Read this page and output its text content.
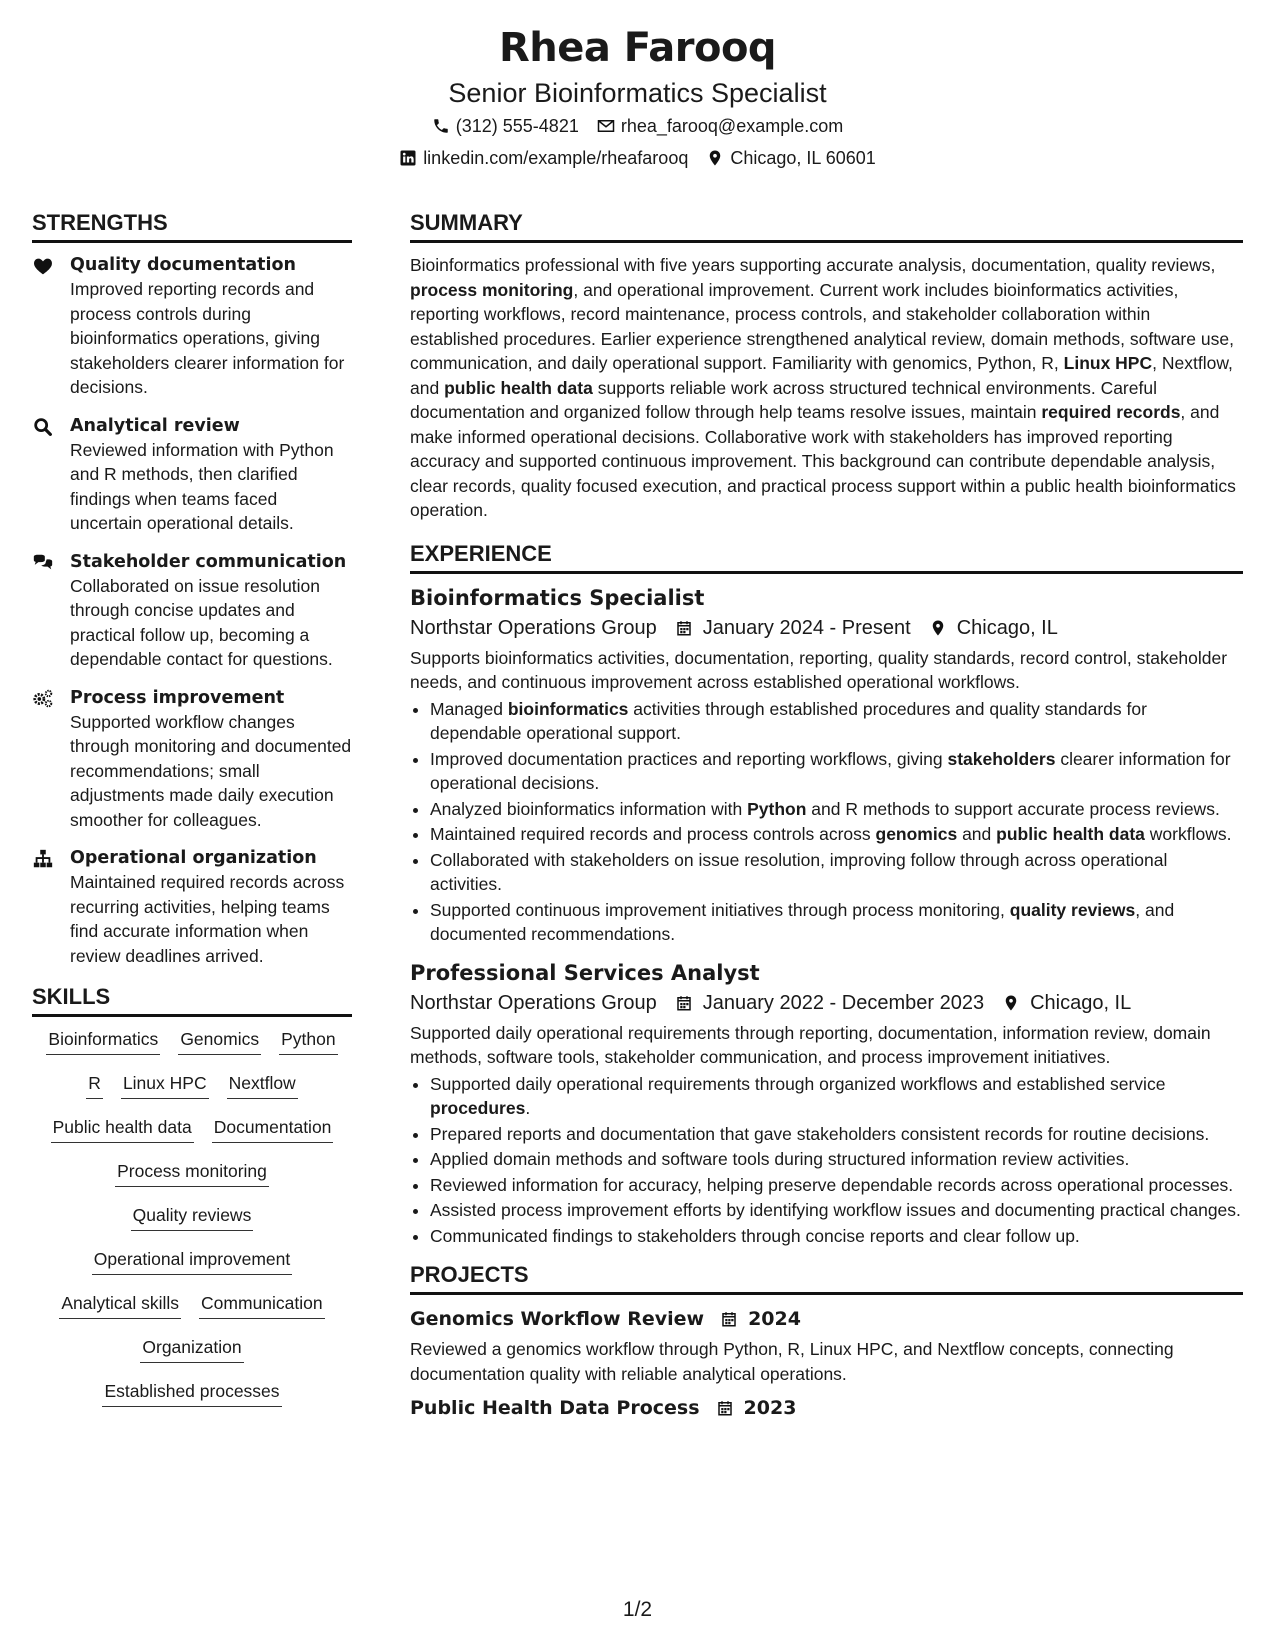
Rhea Farooq
Senior Bioinformatics Specialist
(312) 555-4821 rhea_farooq@example.com
linkedin.com/example/rheafarooq Chicago, IL 60601
STRENGTHS
Quality documentation
Improved reporting records and process controls during bioinformatics operations, giving stakeholders clearer information for decisions.
Analytical review
Reviewed information with Python and R methods, then clarified findings when teams faced uncertain operational details.
Stakeholder communication
Collaborated on issue resolution through concise updates and practical follow up, becoming a dependable contact for questions.
Process improvement
Supported workflow changes through monitoring and documented recommendations; small adjustments made daily execution smoother for colleagues.
Operational organization
Maintained required records across recurring activities, helping teams find accurate information when review deadlines arrived.
SKILLS
Bioinformatics Genomics Python
R Linux HPC Nextflow
Public health data Documentation
Process monitoring
Quality reviews
Operational improvement
Analytical skills Communication
Organization
Established processes
SUMMARY

Bioinformatics professional with five years supporting accurate analysis, documentation, quality reviews, process monitoring, and operational improvement. Current work includes bioinformatics activities, reporting workflows, record maintenance, process controls, and stakeholder collaboration within established procedures. Earlier experience strengthened analytical review, domain methods, software use, communication, and daily operational support. Familiarity with genomics, Python, R, Linux HPC, Nextflow, and public health data supports reliable work across structured technical environments. Careful documentation and organized follow through help teams resolve issues, maintain required records, and make informed operational decisions. Collaborative work with stakeholders has improved reporting accuracy and supported continuous improvement. This background can contribute dependable analysis, clear records, quality focused execution, and practical process support within a public health bioinformatics operation.

EXPERIENCE
Bioinformatics Specialist
Northstar Operations Group January 2024 - Present Chicago, IL

Supports bioinformatics activities, documentation, reporting, quality standards, record control, stakeholder needs, and continuous improvement across established operational workflows.

• Managed bioinformatics activities through established procedures and quality standards for dependable operational support.
• Improved documentation practices and reporting workflows, giving stakeholders clearer information for operational decisions.
• Analyzed bioinformatics information with Python and R methods to support accurate process reviews.
• Maintained required records and process controls across genomics and public health data workflows.
• Collaborated with stakeholders on issue resolution, improving follow through across operational activities.
• Supported continuous improvement initiatives through process monitoring, quality reviews, and documented recommendations.
Professional Services Analyst
Northstar Operations Group January 2022 - December 2023 Chicago, IL

Supported daily operational requirements through reporting, documentation, information review, domain methods, software tools, stakeholder communication, and process improvement initiatives.

• Supported daily operational requirements through organized workflows and established service procedures.
• Prepared reports and documentation that gave stakeholders consistent records for routine decisions.
• Applied domain methods and software tools during structured information review activities.
• Reviewed information for accuracy, helping preserve dependable records across operational processes.
• Assisted process improvement efforts by identifying workflow issues and documenting practical changes.
• Communicated findings to stakeholders through concise reports and clear follow up.
PROJECTS
Genomics Workflow Review 2024

Reviewed a genomics workflow through Python, R, Linux HPC, and Nextflow concepts, connecting documentation quality with reliable analytical operations.

Public Health Data Process 2023
1/2
